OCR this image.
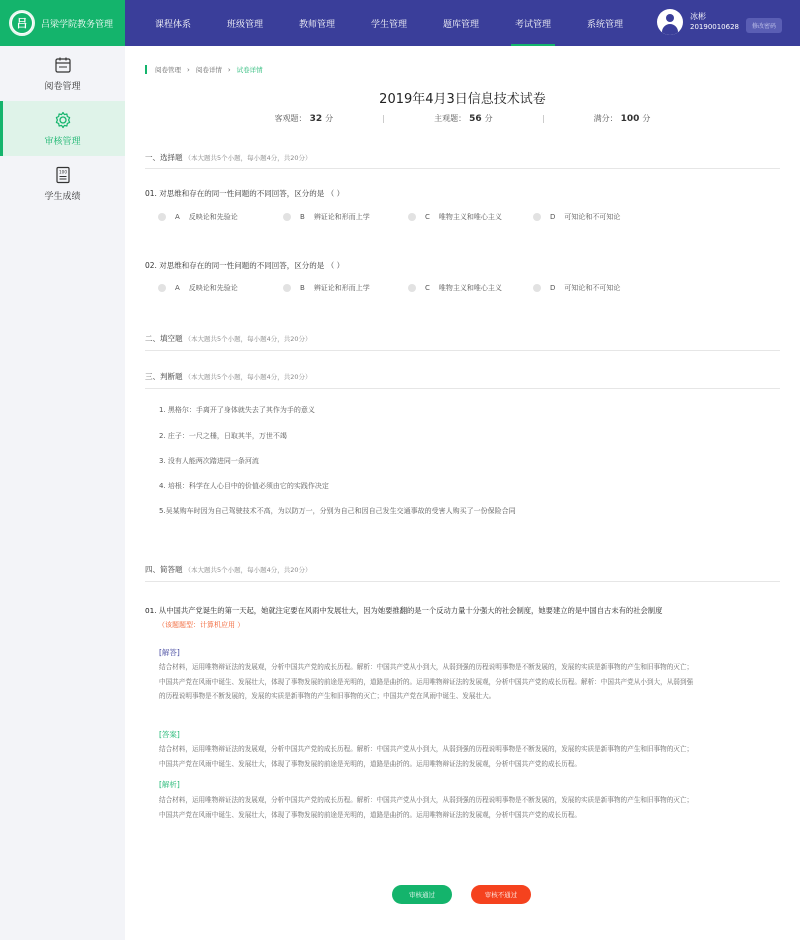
吕	吕梁学院教务管理	课程体系	班级管理	教师管理	学生管理	题库管理	考试管理	系统管理
冰彬
20190010628	修改密码
阅卷管理
审核管理
100
学生成绩
阅卷管理 › 阅卷详情 › 试卷详情
2019年4月3日信息技术试卷
客观题： 32 分	主观题： 56 分	满分： 100 分
一、选择题 （本大题共5个小题，每小题4分，共20分）
01. 对思维和存在的同一性问题的不同回答，区分的是 （ ）
A 反映论和先验论	B 辨证论和形而上学	C 唯物主义和唯心主义	D 可知论和不可知论
02. 对思维和存在的同一性问题的不同回答，区分的是 （ ）
A 反映论和先验论	B 辨证论和形而上学	C 唯物主义和唯心主义	D 可知论和不可知论
二、填空题 （本大题共5个小题，每小题4分，共20分）
三、判断题 （本大题共5个小题，每小题4分，共20分）
1. 黑格尔：手离开了身体就失去了其作为手的意义
2. 庄子：一尺之棰，日取其半，万世不竭
3. 没有人能两次踏进同一条河流
4. 培根：科学在人心目中的价值必须由它的实践作决定
5.吴某购车时因为自己驾驶技术不高，为以防万一，分别为自己和因自己发生交通事故的受害人购买了一份保险合同
四、简答题 （本大题共5个小题，每小题4分，共20分）
01. 从中国共产党诞生的第一天起，她就注定要在风雨中发展壮大，因为她要推翻的是一个反动力量十分强大的社会制度，她要建立的是中国自古未有的社会制度
（该题题型：计算机应用 ）
[解答]
结合材料，运用唯物辩证法的发展观，分析中国共产党的成长历程。解析：中国共产党从小到大，从弱到强的历程说明事物是不断发展的，发展的实质是新事物的产生和旧事物的灭亡；
中国共产党在风雨中诞生、发展壮大，体现了事物发展的前途是光明的，道路是曲折的。运用唯物辩证法的发展观，分析中国共产党的成长历程。解析：中国共产党从小到大，从弱到强
的历程说明事物是不断发展的，发展的实质是新事物的产生和旧事物的灭亡；中国共产党在风雨中诞生、发展壮大。
[答案]
结合材料，运用唯物辩证法的发展观，分析中国共产党的成长历程。解析：中国共产党从小到大，从弱到强的历程说明事物是不断发展的，发展的实质是新事物的产生和旧事物的灭亡；
中国共产党在风雨中诞生、发展壮大，体现了事物发展的前途是光明的，道路是曲折的。运用唯物辩证法的发展观，分析中国共产党的成长历程。
[解析]
结合材料，运用唯物辩证法的发展观，分析中国共产党的成长历程。解析：中国共产党从小到大，从弱到强的历程说明事物是不断发展的，发展的实质是新事物的产生和旧事物的灭亡；
中国共产党在风雨中诞生、发展壮大，体现了事物发展的前途是光明的，道路是曲折的。运用唯物辩证法的发展观，分析中国共产党的成长历程。
审核通过	审核不通过
